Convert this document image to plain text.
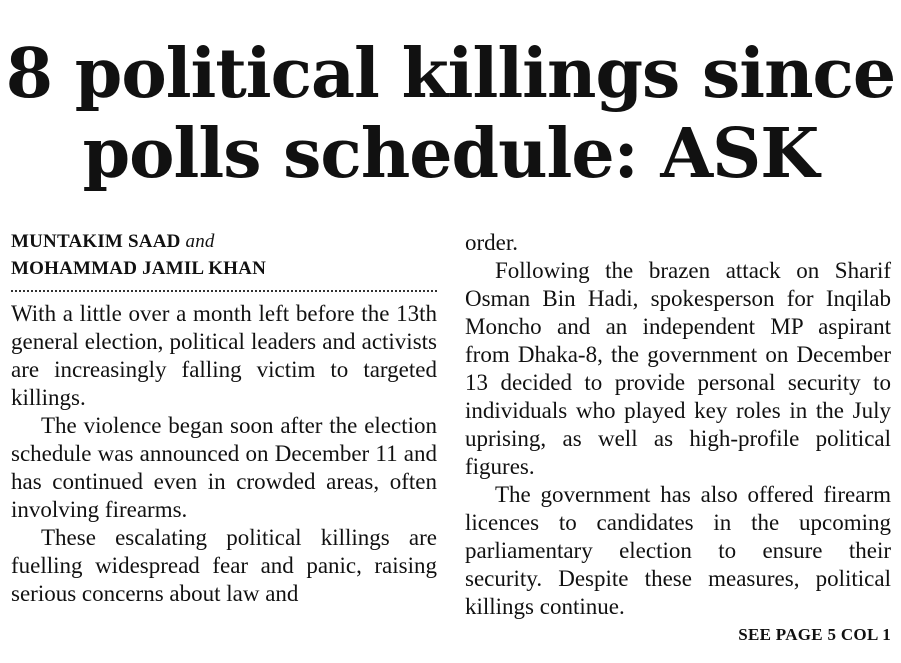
8 political killings since
polls schedule: ASK
MUNTAKIM SAAD and
MOHAMMAD JAMIL KHAN

With a little over a month left before the 13th general election, political leaders and activists are increasingly falling victim to targeted killings.

The violence began soon after the election schedule was announced on December 11 and has continued even in crowded areas, often involving firearms.

These escalating political killings are fuelling widespread fear and panic, raising serious concerns about law and

order.

Following the brazen attack on Sharif Osman Bin Hadi, spokesperson for Inqilab Moncho and an independent MP aspirant from Dhaka-8, the government on December 13 decided to provide personal security to individuals who played key roles in the July uprising, as well as high-profile political figures.

The government has also offered firearm licences to candidates in the upcoming parliamentary election to ensure their security. Despite these measures, political killings continue.

SEE PAGE 5 COL 1
